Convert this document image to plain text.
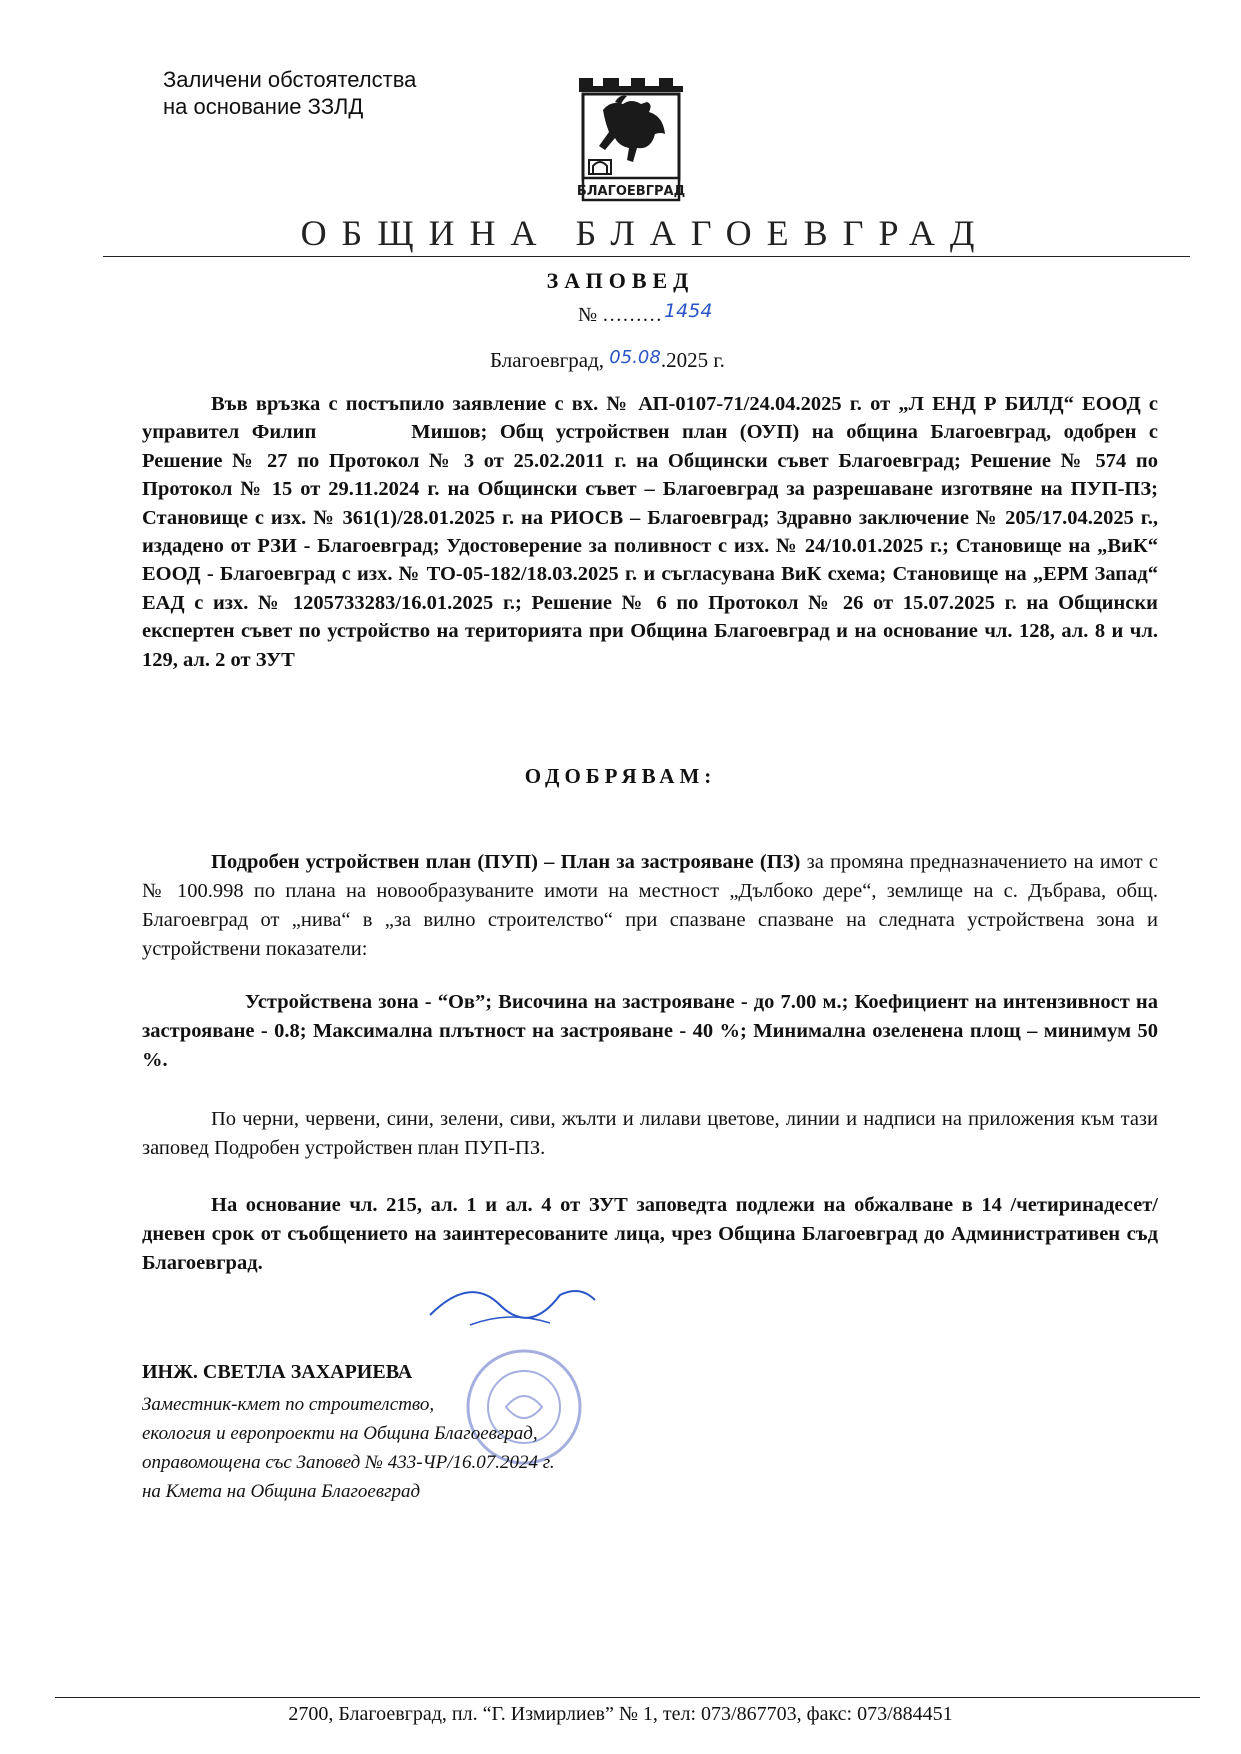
Заличени обстоятелства
на основание ЗЗЛД
БЛАГОЕВГРАД
ОБЩИНА БЛАГОЕВГРАД
ЗАПОВЕД
№ ……… 1454
Благоевград, 05.08.2025 г.
Във връзка с постъпило заявление с вх. № АП-0107-71/24.04.2025 г. от „Л ЕНД Р БИЛД“ ЕООД с управител Филип	Мишов; Общ устройствен план (ОУП) на община Благоевград, одобрен с Решение № 27 по Протокол № 3 от 25.02.2011 г. на Общински съвет Благоевград; Решение № 574 по Протокол № 15 от 29.11.2024 г. на Общински съвет – Благоевград за разрешаване изготвяне на ПУП-ПЗ; Становище с изх. № 361(1)/28.01.2025 г. на РИОСВ – Благоевград; Здравно заключение № 205/17.04.2025 г., издадено от РЗИ - Благоевград; Удостоверение за поливност с изх. № 24/10.01.2025 г.; Становище на „ВиК“ ЕООД - Благоевград с изх. № ТО-05-182/18.03.2025 г. и съгласувана ВиК схема; Становище на „ЕРМ Запад“ ЕАД с изх. № 1205733283/16.01.2025 г.; Решение № 6 по Протокол № 26 от 15.07.2025 г. на Общински експертен съвет по устройство на територията при Община Благоевград и на основание чл. 128, ал. 8 и чл. 129, ал. 2 от ЗУТ
ОДОБРЯВАМ:
Подробен устройствен план (ПУП) – План за застрояване (ПЗ) за промяна предназначението на имот с № 100.998 по плана на новообразуваните имоти на местност „Дълбоко дере“, землище на с. Дъбрава, общ. Благоевград от „нива“ в „за вилно строителство“ при спазване спазване на следната устройствена зона и устройствени показатели:
Устройствена зона - “Ов”; Височина на застрояване - до 7.00 м.; Коефициент на интензивност на застрояване - 0.8; Максимална плътност на застрояване - 40 %; Минимална озеленена площ – минимум 50 %.
По черни, червени, сини, зелени, сиви, жълти и лилави цветове, линии и надписи на приложения към тази заповед Подробен устройствен план ПУП-ПЗ.
На основание чл. 215, ал. 1 и ал. 4 от ЗУТ заповедта подлежи на обжалване в 14 /четиринадесет/ дневен срок от съобщението на заинтересованите лица, чрез Община Благоевград до Административен съд Благоевград.
ИНЖ. СВЕТЛА ЗАХАРИЕВА
Заместник-кмет по строителство,
екология и европроекти на Община Благоевград,
оправомощена със Заповед № 433-ЧР/16.07.2024 г.
на Кмета на Община Благоевград
2700, Благоевград, пл. “Г. Измирлиев” № 1, тел: 073/867703, факс: 073/884451
